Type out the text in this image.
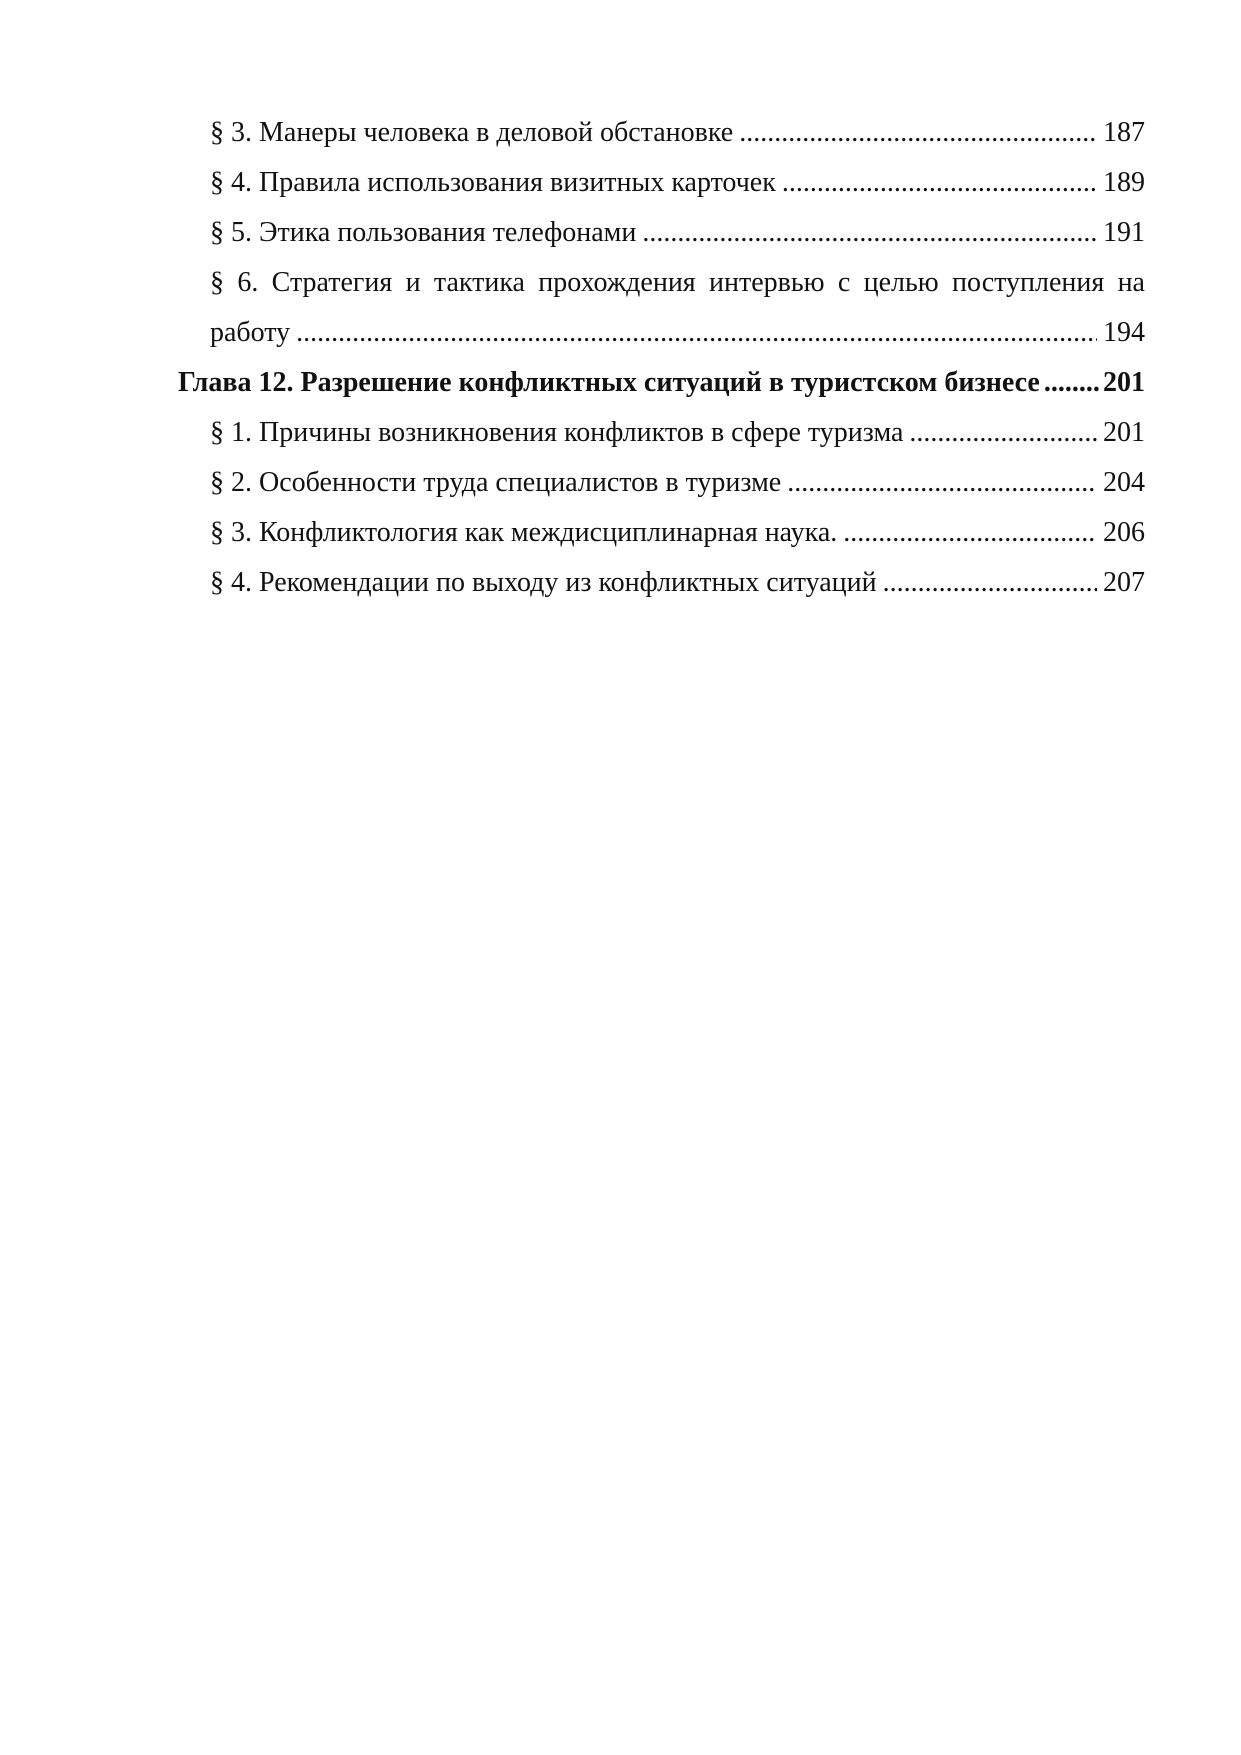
§ 3. Манеры человека в деловой обстановке .....	187
§ 4. Правила использования визитных карточек .....	189
§ 5. Этика пользования телефонами .....	191
§ 6. Стратегия и тактика прохождения интервью с целью поступления на
работу .....	194
Глава 12. Разрешение конфликтных ситуаций в туристском бизнесе ..... 201
§ 1. Причины возникновения конфликтов в сфере туризма .....	201
§ 2. Особенности труда специалистов в туризме .....	204
§ 3. Конфликтология как междисциплинарная наука. .....	206
§ 4. Рекомендации по выходу из конфликтных ситуаций .....	207
